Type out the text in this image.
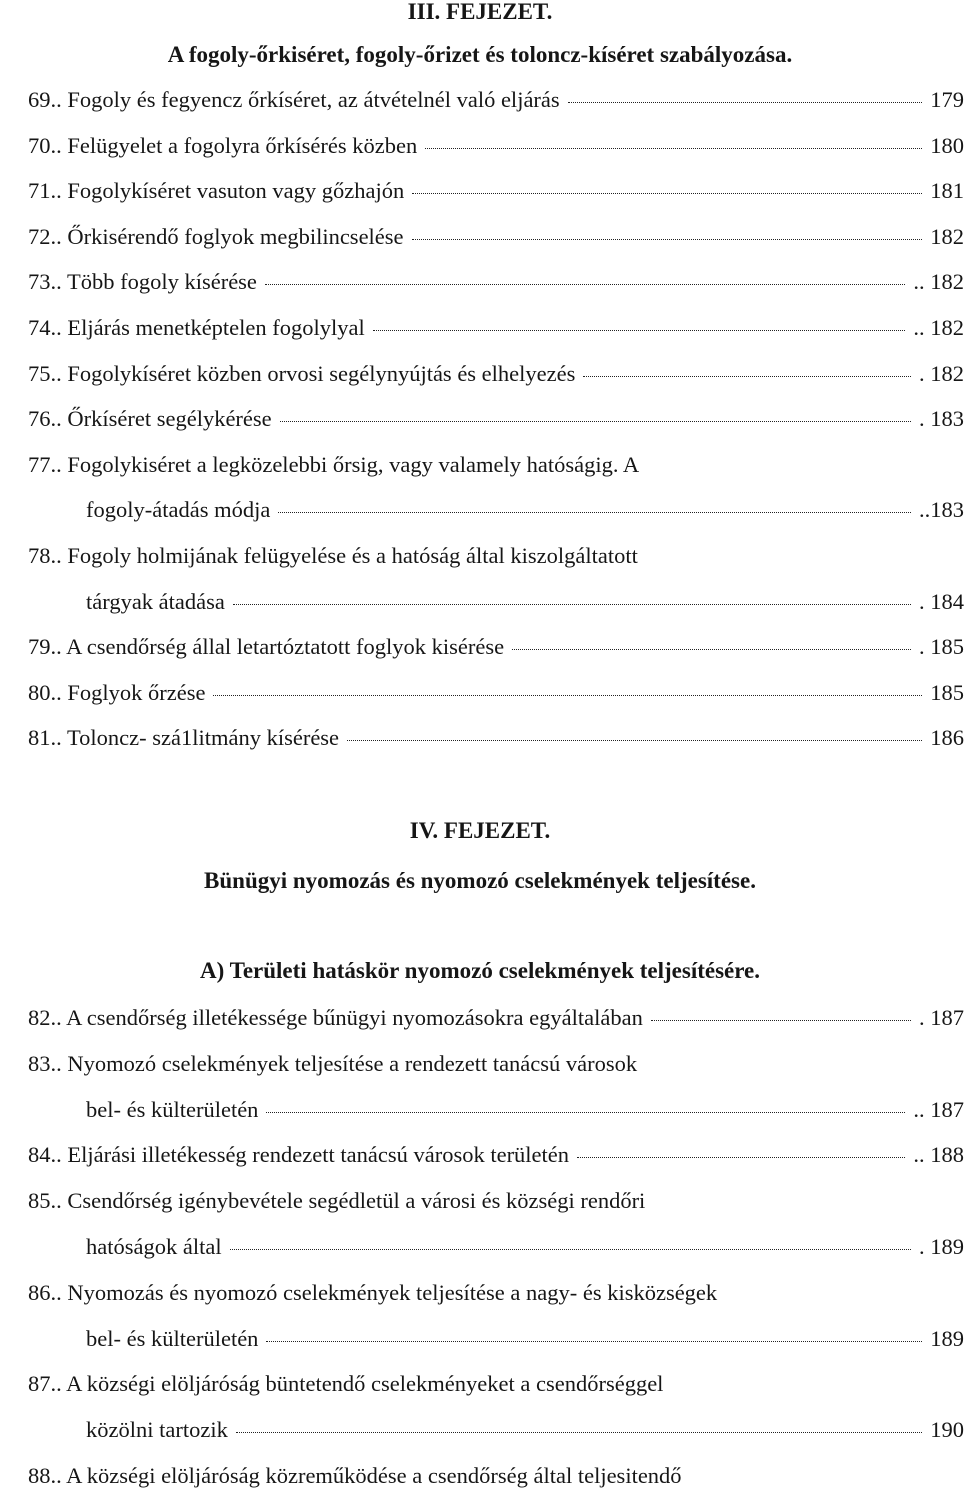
III. FEJEZET.
A fogoly-őrkiséret, fogoly-őrizet és toloncz-kíséret szabályozása.
69.. Fogoly és fegyencz őrkíséret, az átvételnél való eljárás	179
70.. Felügyelet a fogolyra őrkísérés közben	180
71.. Fogolykíséret vasuton vagy gőzhajón	181
72.. Őrkisérendő foglyok megbilincselése	182
73.. Több fogoly kísérése	.. 182
74.. Eljárás menetképtelen fogolylyal	.. 182
75.. Fogolykíséret közben orvosi segélynyújtás és elhelyezés	. 182
76.. Őrkíséret segélykérése	. 183
77.. Fogolykiséret a legközelebbi őrsig, vagy valamely hatóságig. A
fogoly-átadás módja	..183
78.. Fogoly holmijának felügyelése és a hatóság által kiszolgáltatott
tárgyak átadása	. 184
79.. A csendőrség állal letartóztatott foglyok kisérése	. 185
80.. Foglyok őrzése	185
81.. Toloncz- szá1litmány kísérése	186
IV. FEJEZET.
Bünügyi nyomozás és nyomozó cselekmények teljesítése.
A) Területi hatáskör nyomozó cselekmények teljesítésére.
82.. A csendőrség illetékessége bűnügyi nyomozásokra egyáltalában	. 187
83.. Nyomozó cselekmények teljesítése a rendezett tanácsú városok
bel- és külterületén	.. 187
84.. Eljárási illetékesség rendezett tanácsú városok területén	.. 188
85.. Csendőrség igénybevétele segédletül a városi és községi rendőri
hatóságok által	. 189
86.. Nyomozás és nyomozó cselekmények teljesítése a nagy- és kisközségek
bel- és külterületén	189
87.. A községi elöljáróság büntetendő cselekményeket a csendőrséggel
közölni tartozik	190
88.. A községi elöljáróság közreműködése a csendőrség által teljesitendő
